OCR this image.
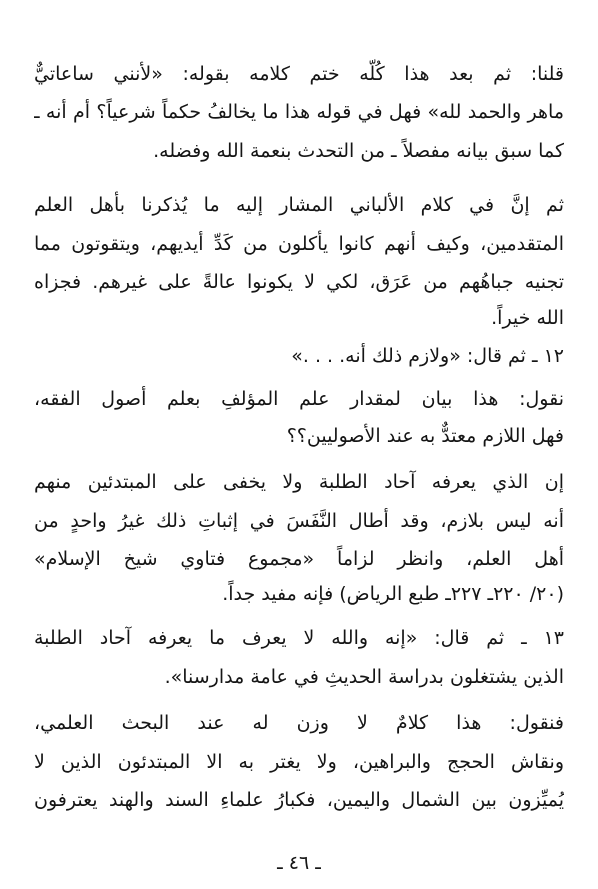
قلنا: ثم بعد هذا كُلّه ختم كلامه بقوله: «لأنني ساعاتيٌّ
ماهر والحمد لله» فهل في قوله هذا ما يخالفُ حكماً شرعياً؟ أم أنه ـ
كما سبق بيانه مفصلاً ـ من التحدث بنعمة الله وفضله.
ثم إنَّ في كلام الألباني المشار إليه ما يُذكرنا بأهل العلم
المتقدمين، وكيف أنهم كانوا يأكلون من كَدِّ أيديهم، ويتقوتون مما
تجنيه جباهُهم من عَرَق، لكي لا يكونوا عالةً على غيرهم. فجزاه
الله خيراً.
١٢ ـ ثم قال: «ولازم ذلك أنه. . . .»
نقول: هذا بيان لمقدار علم المؤلفِ بعلم أصول الفقه،
فهل اللازم معتدٌّ به عند الأصوليين؟؟
إن الذي يعرفه آحاد الطلبة ولا يخفى على المبتدئين منهم
أنه ليس بلازم، وقد أطال النَّفَسَ في إثباتِ ذلك غيرُ واحدٍ من
أهل العلم، وانظر لزاماً «مجموع فتاوي شيخ الإسلام»
(٢٠/ ٢٢٠ـ ٢٢٧ـ طبع الرياض) فإنه مفيد جداً.
١٣ ـ ثم قال: «إنه والله لا يعرف ما يعرفه آحاد الطلبة
الذين يشتغلون بدراسة الحديثِ في عامة مدارسنا».
فنقول: هذا كلامٌ لا وزن له عند البحث العلمي،
ونقاش الحجج والبراهين، ولا يغتر به الا المبتدئون الذين لا
يُميِّزون بين الشمال واليمين، فكبارُ علماءِ السند والهند يعترفون
ـ ٤٦ ـ
